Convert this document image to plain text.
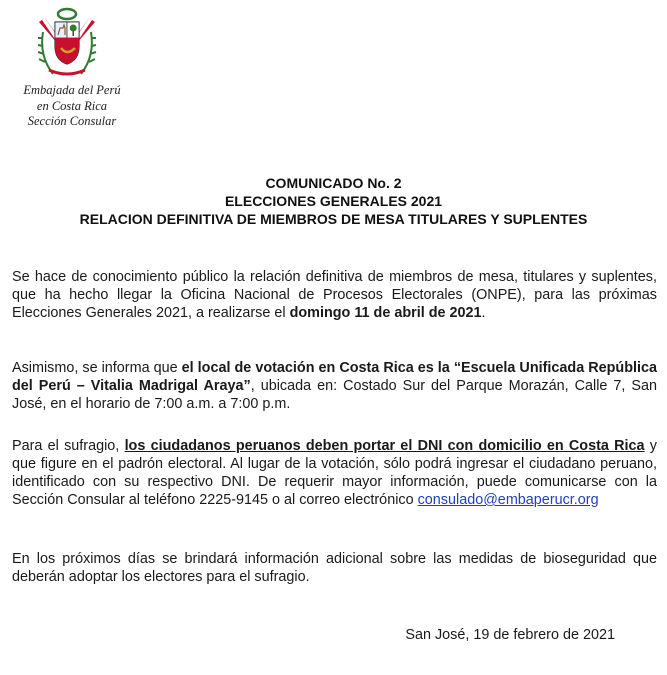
Embajada del Perú
en Costa Rica
Sección Consular
COMUNICADO No. 2
ELECCIONES GENERALES 2021
RELACION DEFINITIVA DE MIEMBROS DE MESA TITULARES Y SUPLENTES
Se hace de conocimiento público la relación definitiva de miembros de mesa, titulares y suplentes, que ha hecho llegar la Oficina Nacional de Procesos Electorales (ONPE), para las próximas Elecciones Generales 2021, a realizarse el domingo 11 de abril de 2021.
Asimismo, se informa que el local de votación en Costa Rica es la “Escuela Unificada República del Perú – Vitalia Madrigal Araya”, ubicada en: Costado Sur del Parque Morazán, Calle 7, San José, en el horario de 7:00 a.m. a 7:00 p.m.
Para el sufragio, los ciudadanos peruanos deben portar el DNI con domicilio en Costa Rica y que figure en el padrón electoral. Al lugar de la votación, sólo podrá ingresar el ciudadano peruano, identificado con su respectivo DNI. De requerir mayor información, puede comunicarse con la Sección Consular al teléfono 2225-9145 o al correo electrónico consulado@embaperucr.org
En los próximos días se brindará información adicional sobre las medidas de bioseguridad que deberán adoptar los electores para el sufragio.
San José, 19 de febrero de 2021
